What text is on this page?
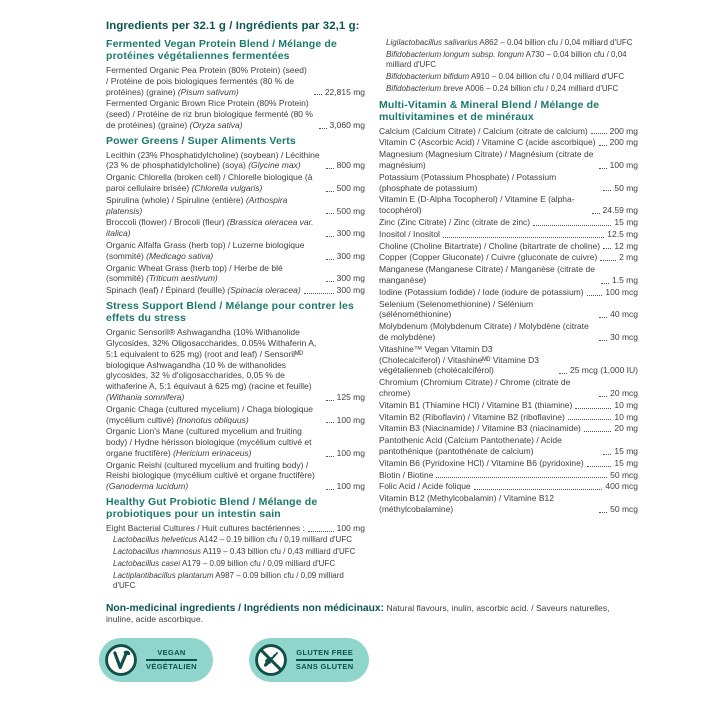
Ingredients per 32.1 g / Ingrédients par 32,1 g:
Fermented Vegan Protein Blend / Mélange de protéines végétaliennes fermentées
Fermented Organic Pea Protein (80% Protein) (seed) / Protéine de pois biologiques fermentés (80 % de protéines) (graine) (Pisum sativum)	22,815 mg
Fermented Organic Brown Rice Protein (80% Protein) (seed) / Protéine de riz brun biologique fermenté (80 % de protéines) (graine) (Oryza sativa)	3,060 mg
Power Greens / Super Aliments Verts
Lecithin (23% Phosphatidylcholine) (soybean) / Lécithine (23 % de phosphatidylcholine) (soya) (Glycine max)	800 mg
Organic Chlorella (broken cell) / Chlorelle biologique (à paroi cellulaire brisée) (Chlorella vulgaris)	500 mg
Spirulina (whole) / Spiruline (entière) (Arthospira platensis)	500 mg
Broccoli (flower) / Brocoli (fleur) (Brassica oleracea var. italica)	300 mg
Organic Alfalfa Grass (herb top) / Luzerne biologique (sommité) (Medicago sativa)	300 mg
Organic Wheat Grass (herb top) / Herbe de blé (sommité) (Triticum aestivum)	300 mg
Spinach (leaf) / Épinard (feuille) (Spinacia oleracea)	300 mg
Stress Support Blend / Mélange pour contrer les effets du stress
Organic Sensoril® Ashwagandha (10% Withanolide Glycosides, 32% Oligosaccharides, 0.05% Withaferin A, 5:1 equivalent to 625 mg) (root and leaf) / Sensorilᴹᴰ biologique Ashwagandha (10 % de withanolides glycosides, 32 % d'oligosaccharides, 0,05 % de withaferine A, 5:1 équivaut à 625 mg) (racine et feuille) (Withania somnifera)	125 mg
Organic Chaga (cultured mycelium) / Chaga biologique (mycélium cultivé) (Inonotus obliquus)	100 mg
Organic Lion's Mane (cultured mycelium and fruiting body) / Hydne hérisson biologique (mycélium cultivé et organe fructifère) (Hericium erinaceus)	100 mg
Organic Reishi (cultured mycelium and fruiting body) / Reishi biologique (mycélium cultivé et organe fructifère) (Ganoderma lucidum)	100 mg
Healthy Gut Probiotic Blend / Mélange de probiotiques pour un intestin sain
Eight Bacterial Cultures / Huit cultures bactériennes :	100 mg
Lactobacillus helveticus A142 – 0.19 billion cfu / 0,19 milliard d'UFC
Lactobacillus rhamnosus A119 – 0.43 billion cfu / 0,43 milliard d'UFC
Lactobacillus casei A179 – 0.09 billion cfu / 0,09 milliard d'UFC
Lactiplantibacillus plantarum A987 – 0.09 billion cfu / 0,09 milliard d'UFC
Ligilactobacillus salivarius A862 – 0.04 billion cfu / 0,04 milliard d'UFC
Bifidobacterium longum subsp. longum A730 – 0.04 billion cfu / 0,04 milliard d'UFC
Bifidobacterium bifidum A910 – 0.04 billion cfu / 0,04 milliard d'UFC
Bifidobacterium breve A006 – 0.24 billion cfu / 0,24 milliard d'UFC
Multi-Vitamin & Mineral Blend / Mélange de multivitamines et de minéraux
Calcium (Calcium Citrate) / Calcium (citrate de calcium)	200 mg
Vitamin C (Ascorbic Acid) / Vitamine C (acide ascorbique) 200 mg
Magnesium (Magnesium Citrate) / Magnésium (citrate de magnésium)	100 mg
Potassium (Potassium Phosphate) / Potassium (phosphate de potassium)	50 mg
Vitamin E (D-Alpha Tocopherol) / Vitamine E (alpha-tocophérol)	24.59 mg
Zinc (Zinc Citrate) / Zinc (citrate de zinc)	15 mg
Inositol / Inositol	12.5 mg
Choline (Choline Bitartrate) / Choline (bitartrate de choline) 12 mg
Copper (Copper Gluconate) / Cuivre (gluconate de cuivre)	2 mg
Manganese (Manganese Citrate) / Manganèse (citrate de manganèse)	1.5 mg
Iodine (Potassium Iodide) / Iode (iodure de potassium)	100 mcg
Selenium (Selenomethionine) / Sélénium (sélénométhionine)	40 mcg
Molybdenum (Molybdenum Citrate) / Molybdène (citrate de molybdène)	30 mcg
Vitashine™ Vegan Vitamin D3 (Cholecalciferol) / Vitashineᴹᴰ Vitamine D3 végétalienneb (cholécalciférol)	25 mcg (1,000 IU)
Chromium (Chromium Citrate) / Chrome (citrate de chrome)	20 mcg
Vitamin B1 (Thiamine HCl) / Vitamine B1 (thiamine)	10 mg
Vitamin B2 (Riboflavin) / Vitamine B2 (riboflavine)	10 mg
Vitamin B3 (Niacinamide) / Vitamine B3 (niacinamide)	20 mg
Pantothenic Acid (Calcium Pantothenate) / Acide pantothénique (pantothénate de calcium)	15 mg
Vitamin B6 (Pyridoxine HCl) / Vitamine B6 (pyridoxine)	15 mg
Biotin / Biotine	50 mcg
Folic Acid / Acide folique	400 mcg
Vitamin B12 (Methylcobalamin) / Vitamine B12 (méthylcobalamine)	50 mcg

Non-medicinal ingredients / Ingrédients non médicinaux: Natural flavours, inulin, ascorbic acid. / Saveurs naturelles, inuline, acide ascorbique.

VEGAN
VÉGÉTALIEN
GLUTEN FREE
SANS GLUTEN
